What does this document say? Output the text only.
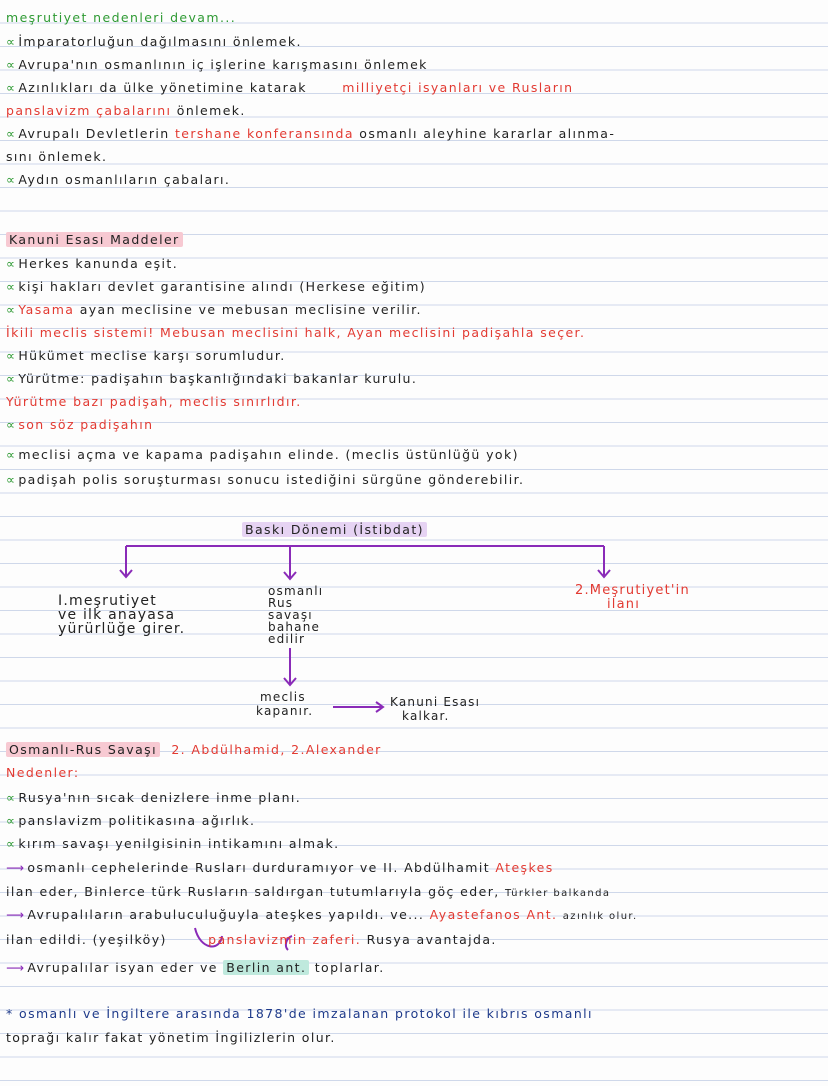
meşrutiyet nedenleri devam...
∝ İmparatorluğun dağılmasını önlemek.
∝ Avrupa'nın osmanlının iç işlerine karışmasını önlemek
∝ Azınlıkları da ülke yönetimine katarak	milliyetçi isyanları ve Rusların
panslavizm çabalarını önlemek.
∝ Avrupalı Devletlerin tershane konferansında osmanlı aleyhine kararlar alınma-
sını önlemek.
∝ Aydın osmanlıların çabaları.
Kanuni Esası Maddeler
∝ Herkes kanunda eşit.
∝ kişi hakları devlet garantisine alındı (Herkese eğitim)
∝ Yasama ayan meclisine ve mebusan meclisine verilir.
İkili meclis sistemi! Mebusan meclisini halk, Ayan meclisini padişahla seçer.
∝ Hükümet meclise karşı sorumludur.
∝ Yürütme: padişahın başkanlığındaki bakanlar kurulu.
Yürütme bazı padişah, meclis sınırlıdır.
∝ son söz padişahın
∝ meclisi açma ve kapama padişahın elinde. (meclis üstünlüğü yok)
∝ padişah polis soruşturması sonucu istediğini sürgüne gönderebilir.
Baskı Dönemi (İstibdat)
I.meşrutiyet
ve ilk anayasa
yürürlüğe girer.
osmanlı
Rus
savaşı
bahane
edilir
2.Meşrutiyet'in
ilanı
meclis
kapanır.
Kanuni Esası
kalkar.
Osmanlı-Rus Savaşı 2. Abdülhamid, 2.Alexander
Nedenler:
∝ Rusya'nın sıcak denizlere inme planı.
∝ panslavizm politikasına ağırlık.
∝ kırım savaşı yenilgisinin intikamını almak.
⟶ osmanlı cephelerinde Rusları durduramıyor ve II. Abdülhamit Ateşkes
ilan eder, Binlerce türk Rusların saldırgan tutumlarıyla göç eder, Türkler balkanda
⟶ Avrupalıların arabuluculuğuyla ateşkes yapıldı. ve... Ayastefanos Ant. azınlık olur.
ilan edildi. (yeşilköy)	panslavizmin zaferi. Rusya avantajda.
⟶ Avrupalılar isyan eder ve Berlin ant. toplarlar.
* osmanlı ve İngiltere arasında 1878'de imzalanan protokol ile kıbrıs osmanlı
toprağı kalır fakat yönetim İngilizlerin olur.
